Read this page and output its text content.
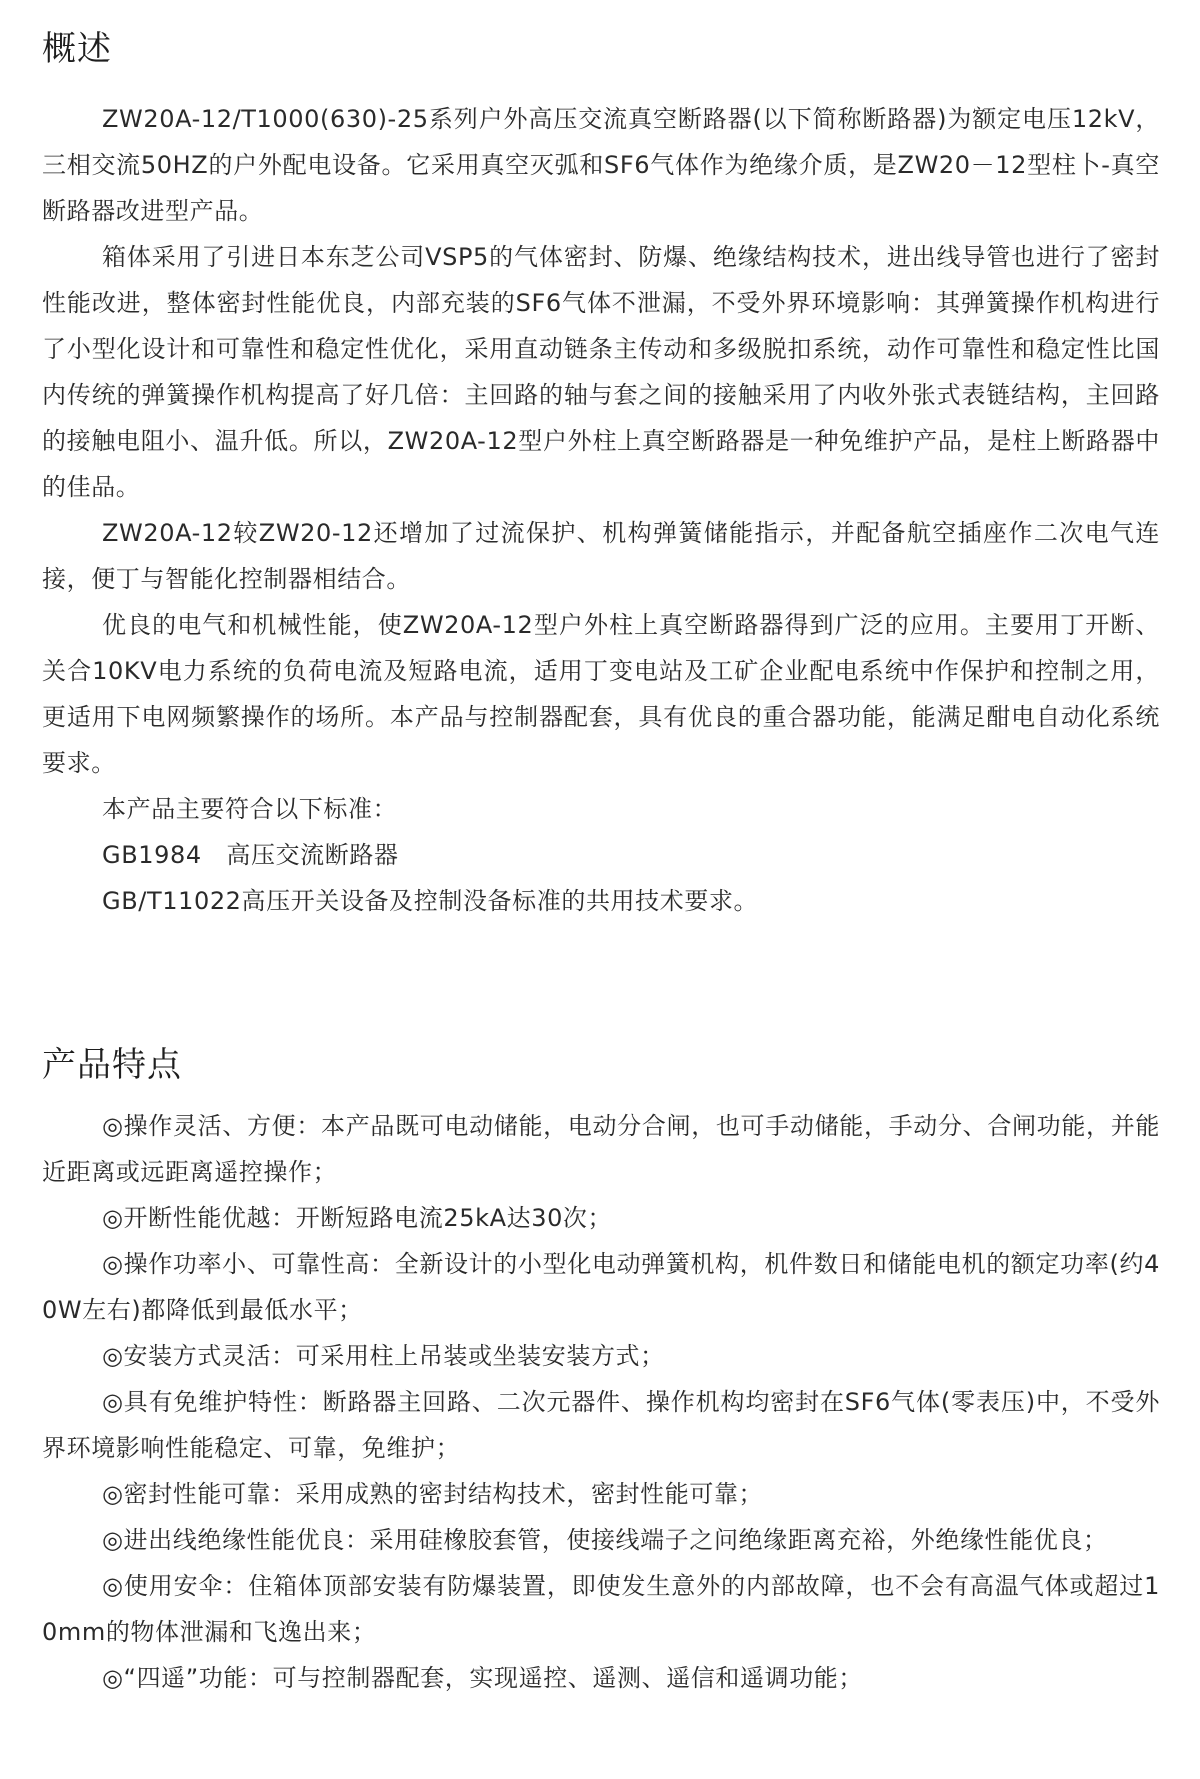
概述

ZW20A-12/T1000(630)-25系列户外高压交流真空断路器(以下简称断路器)为额定电压12kV，三相交流50HZ的户外配电设备。它采用真空灭弧和SF6气体作为绝缘介质，是ZW20－12型柱卜-真空断路器改进型产品。

箱体采用了引进日本东芝公司VSP5的气体密封、防爆、绝缘结构技术，进出线导管也进行了密封性能改进，整体密封性能优良，内部充装的SF6气体不泄漏，不受外界环境影响：其弹簧操作机构进行了小型化设计和可靠性和稳定性优化，采用直动链条主传动和多级脱扣系统，动作可靠性和稳定性比国内传统的弹簧操作机构提高了好几倍：主回路的轴与套之间的接触采用了内收外张式表链结构，主回路的接触电阻小、温升低。所以，ZW20A-12型户外柱上真空断路器是一种免维护产品，是柱上断路器中的佳品。

ZW20A-12较ZW20-12还增加了过流保护、机构弹簧储能指示，并配备航空插座作二次电气连接，便丁与智能化控制器相结合。

优良的电气和机械性能，使ZW20A-12型户外柱上真空断路器得到广泛的应用。主要用丁开断、关合10KV电力系统的负荷电流及短路电流，适用丁变电站及工矿企业配电系统中作保护和控制之用，更适用下电网频繁操作的场所。本产品与控制器配套，具有优良的重合器功能，能满足酣电自动化系统要求。

本产品主要符合以下标准：

GB1984　高压交流断路器

GB/T11022高压开关设备及控制没备标准的共用技术要求。

产品特点

◎操作灵活、方便：本产品既可电动储能，电动分合闸，也可手动储能，手动分、合闸功能，并能近距离或远距离遥控操作；

◎开断性能优越：开断短路电流25kA达30次；

◎操作功率小、可靠性高：全新设计的小型化电动弹簧机构，机件数日和储能电机的额定功率(约40W左右)都降低到最低水平；

◎安装方式灵活：可采用柱上吊装或坐装安装方式；

◎具有免维护特性：断路器主回路、二次元器件、操作机构均密封在SF6气体(零表压)中，不受外界环境影响性能稳定、可靠，免维护；

◎密封性能可靠：采用成熟的密封结构技术，密封性能可靠；

◎进出线绝缘性能优良：采用硅橡胶套管，使接线端子之问绝缘距离充裕，外绝缘性能优良；

◎使用安伞：住箱体顶部安装有防爆装置，即使发生意外的内部故障，也不会有高温气体或超过10mm的物体泄漏和飞逸出来；

◎“四遥”功能：可与控制器配套，实现遥控、遥测、遥信和遥调功能；
